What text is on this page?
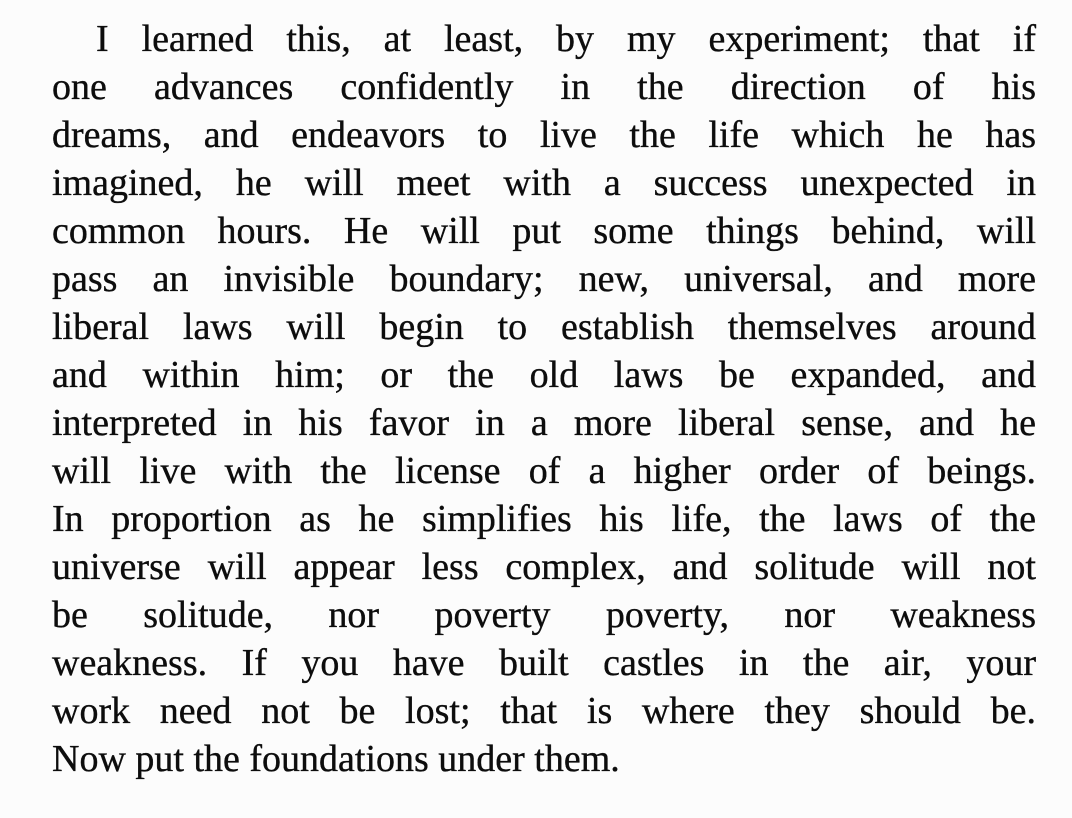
I learned this, at least, by my experiment; that if
one advances confidently in the direction of his
dreams, and endeavors to live the life which he has
imagined, he will meet with a success unexpected in
common hours. He will put some things behind, will
pass an invisible boundary; new, universal, and more
liberal laws will begin to establish themselves around
and within him; or the old laws be expanded, and
interpreted in his favor in a more liberal sense, and he
will live with the license of a higher order of beings.
In proportion as he simplifies his life, the laws of the
universe will appear less complex, and solitude will not
be solitude, nor poverty poverty, nor weakness
weakness. If you have built castles in the air, your
work need not be lost; that is where they should be.
Now put the foundations under them.
